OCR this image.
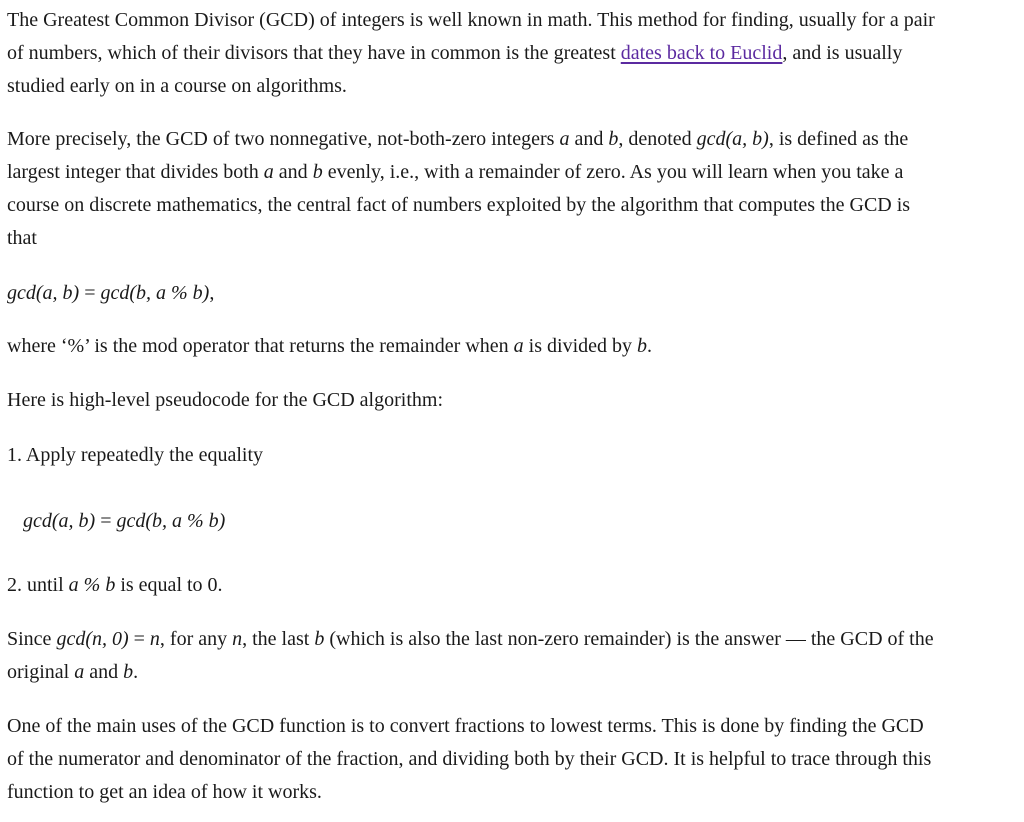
The Greatest Common Divisor (GCD) of integers is well known in math. This method for finding, usually for a pair
of numbers, which of their divisors that they have in common is the greatest dates back to Euclid, and is usually
studied early on in a course on algorithms.

More precisely, the GCD of two nonnegative, not-both-zero integers a and b, denoted gcd(a, b), is defined as the
largest integer that divides both a and b evenly, i.e., with a remainder of zero. As you will learn when you take a
course on discrete mathematics, the central fact of numbers exploited by the algorithm that computes the GCD is
that

gcd(a, b) = gcd(b, a % b),

where ‘%’ is the mod operator that returns the remainder when a is divided by b.

Here is high-level pseudocode for the GCD algorithm:

1. Apply repeatedly the equality

gcd(a, b) = gcd(b, a % b)

2. until a % b is equal to 0.

Since gcd(n, 0) = n, for any n, the last b (which is also the last non-zero remainder) is the answer — the GCD of the
original a and b.

One of the main uses of the GCD function is to convert fractions to lowest terms. This is done by finding the GCD
of the numerator and denominator of the fraction, and dividing both by their GCD. It is helpful to trace through this
function to get an idea of how it works.
